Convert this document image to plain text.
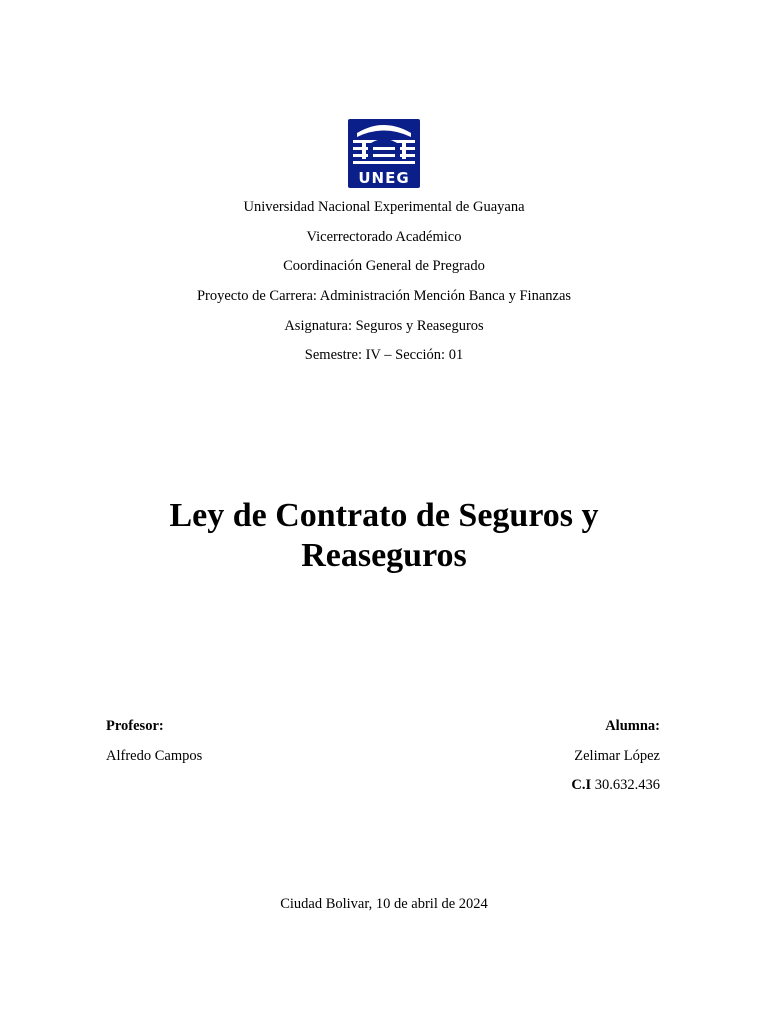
UNEG
Universidad Nacional Experimental de Guayana
Vicerrectorado Académico
Coordinación General de Pregrado
Proyecto de Carrera: Administración Mención Banca y Finanzas
Asignatura: Seguros y Reaseguros
Semestre: IV – Sección: 01
Ley de Contrato de Seguros y
Reaseguros
Profesor:
Alfredo Campos
Alumna:
Zelimar López
C.I 30.632.436
Ciudad Bolivar, 10 de abril de 2024
